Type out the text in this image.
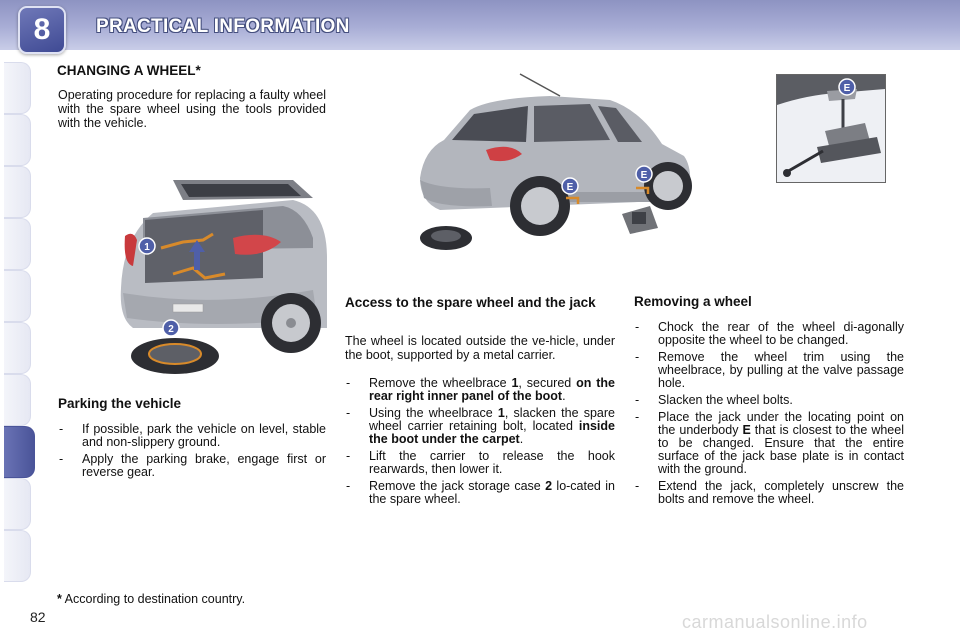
8	PRACTICAL INFORMATION
CHANGING A WHEEL*

Operating procedure for replacing a faulty wheel with the spare wheel using the tools provided with the vehicle.

1
2
E
E
E
Parking the vehicle
- If possible, park the vehicle on level, stable and non-slippery ground.
- Apply the parking brake, engage first or reverse gear.
Access to the spare wheel and the jack

The wheel is located outside the ve-hicle, under the boot, supported by a metal carrier.

- Remove the wheelbrace 1, secured on the rear right inner panel of the boot.
- Using the wheelbrace 1, slacken the spare wheel carrier retaining bolt, located inside the boot under the carpet.
- Lift the carrier to release the hook rearwards, then lower it.
- Remove the jack storage case 2 lo-cated in the spare wheel.
Removing a wheel
- Chock the rear of the wheel di-agonally opposite the wheel to be changed.
- Remove the wheel trim using the wheelbrace, by pulling at the valve passage hole.
- Slacken the wheel bolts.
- Place the jack under the locating point on the underbody E that is closest to the wheel to be changed. Ensure that the entire surface of the jack base plate is in contact with the ground.
- Extend the jack, completely unscrew the bolts and remove the wheel.
* According to destination country.
82	carmanualsonline.info
